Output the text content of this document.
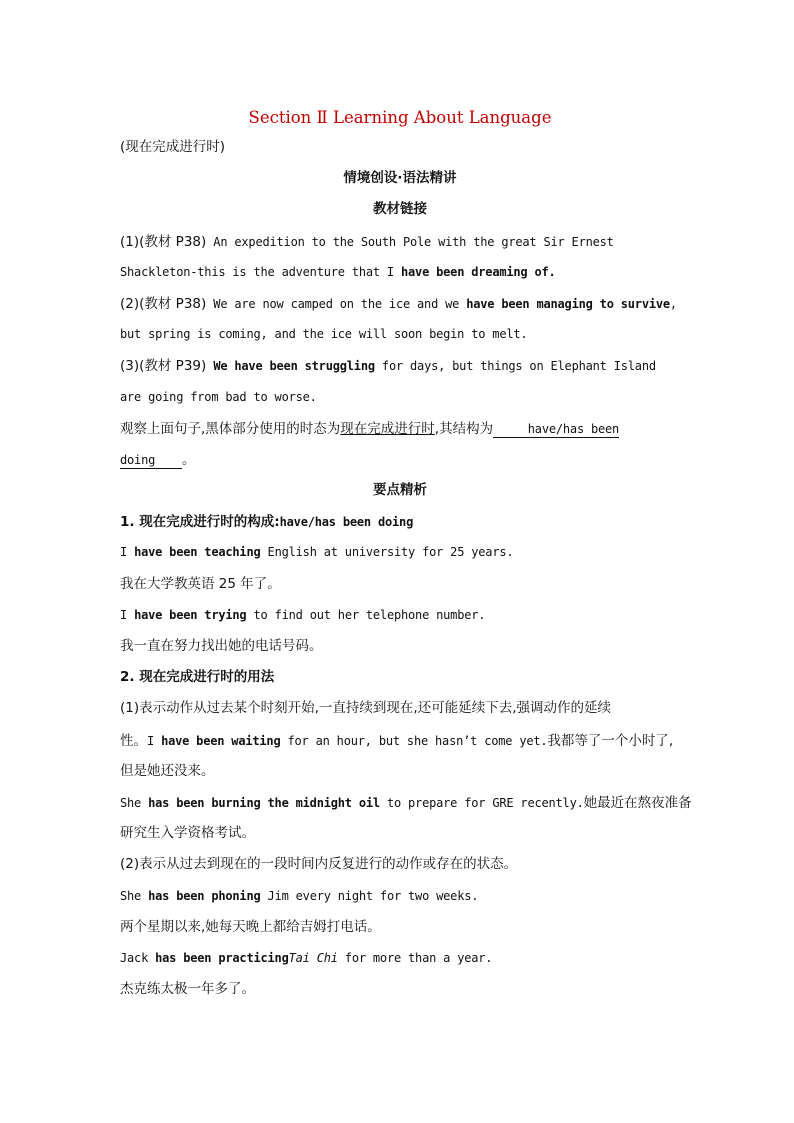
Section Ⅱ Learning About Language
(现在完成进行时)
情境创设·语法精讲
教材链接
(1)(教材 P38) An expedition to the South Pole with the great Sir Ernest
Shackleton-this is the adventure that I have been dreaming of.
(2)(教材 P38) We are now camped on the ice and we have been managing to survive,
but spring is coming, and the ice will soon begin to melt.
(3)(教材 P39) We have been struggling for days, but things on Elephant Island
are going from bad to worse.
观察上面句子,黑体部分使用的时态为现在完成进行时,其结构为	have/has been
doing 。
要点精析
1. 现在完成进行时的构成:have/has been doing
I have been teaching English at university for 25 years.
我在大学教英语 25 年了。
I have been trying to find out her telephone number.
我一直在努力找出她的电话号码。
2. 现在完成进行时的用法
(1)表示动作从过去某个时刻开始,一直持续到现在,还可能延续下去,强调动作的延续
性。I have been waiting for an hour, but she hasn’t come yet.我都等了一个小时了,
但是她还没来。
She has been burning the midnight oil to prepare for GRE recently.她最近在熬夜准备
研究生入学资格考试。
(2)表示从过去到现在的一段时间内反复进行的动作或存在的状态。
She has been phoning Jim every night for two weeks.
两个星期以来,她每天晚上都给吉姆打电话。
Jack has been practicingTai Chi for more than a year.
杰克练太极一年多了。
